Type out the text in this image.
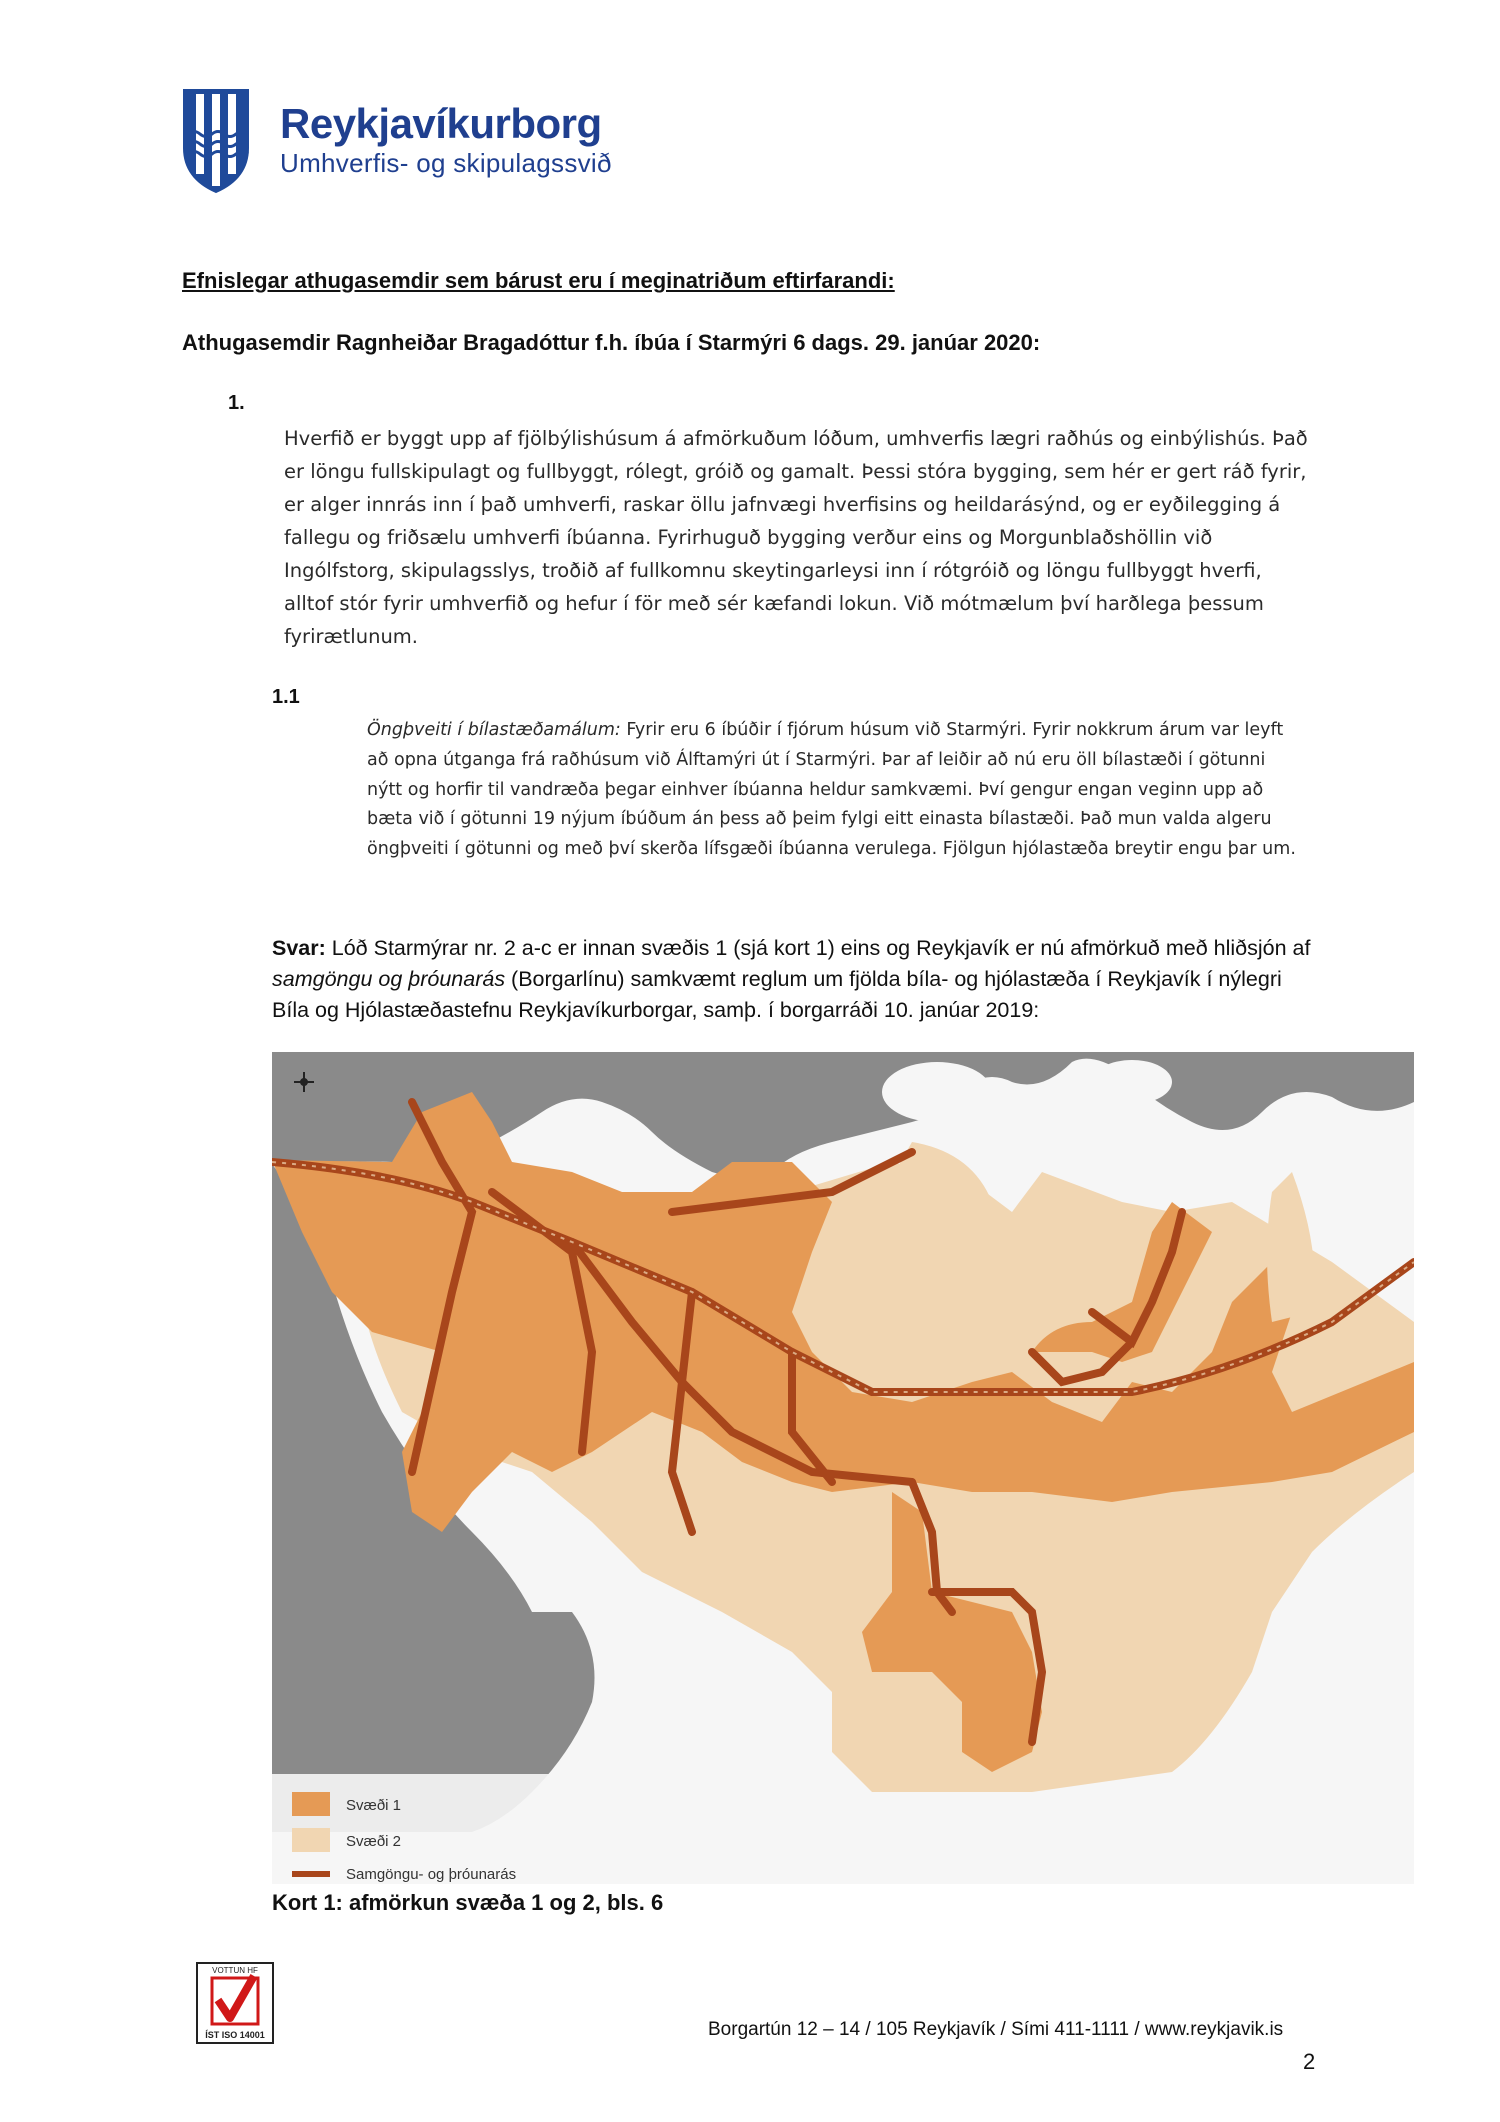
Reykjavíkurborg
Umhverfis- og skipulagssvið
Efnislegar athugasemdir sem bárust eru í meginatriðum eftirfarandi:
Athugasemdir Ragnheiðar Bragadóttur f.h. íbúa í Starmýri 6 dags. 29. janúar 2020:
1.
Hverfið er byggt upp af fjölbýlishúsum á afmörkuðum lóðum, umhverfis lægri raðhús og einbýlishús. Það er löngu fullskipulagt og fullbyggt, rólegt, gróið og gamalt. Þessi stóra bygging, sem hér er gert ráð fyrir, er alger innrás inn í það umhverfi, raskar öllu jafnvægi hverfisins og heildarásýnd, og er eyðilegging á fallegu og friðsælu umhverfi íbúanna. Fyrirhuguð bygging verður eins og Morgunblaðshöllin við Ingólfstorg, skipulagsslys, troðið af fullkomnu skeytingarleysi inn í rótgróið og löngu fullbyggt hverfi, alltof stór fyrir umhverfið og hefur í för með sér kæfandi lokun. Við mótmælum því harðlega þessum fyrirætlunum.
1.1
Öngþveiti í bílastæðamálum: Fyrir eru 6 íbúðir í fjórum húsum við Starmýri. Fyrir nokkrum árum var leyft að opna útganga frá raðhúsum við Álftamýri út í Starmýri. Þar af leiðir að nú eru öll bílastæði í götunni nýtt og horfir til vandræða þegar einhver íbúanna heldur samkvæmi. Því gengur engan veginn upp að bæta við í götunni 19 nýjum íbúðum án þess að þeim fylgi eitt einasta bílastæði. Það mun valda algeru öngþveiti í götunni og með því skerða lífsgæði íbúanna verulega. Fjölgun hjólastæða breytir engu þar um.
Svar: Lóð Starmýrar nr. 2 a-c er innan svæðis 1 (sjá kort 1) eins og Reykjavík er nú afmörkuð með hliðsjón af samgöngu og þróunarás (Borgarlínu) samkvæmt reglum um fjölda bíla- og hjólastæða í Reykjavík í nýlegri Bíla og Hjólastæðastefnu Reykjavíkurborgar, samþ. í borgarráði 10. janúar 2019:
Svæði 1
Svæði 2
Samgöngu- og þróunarás
Kort 1: afmörkun svæða 1 og 2, bls. 6
VOTTUN HF
ÍST ISO 14001	Borgartún 12 – 14 / 105 Reykjavík / Sími 411-1111 / www.reykjavik.is
2
